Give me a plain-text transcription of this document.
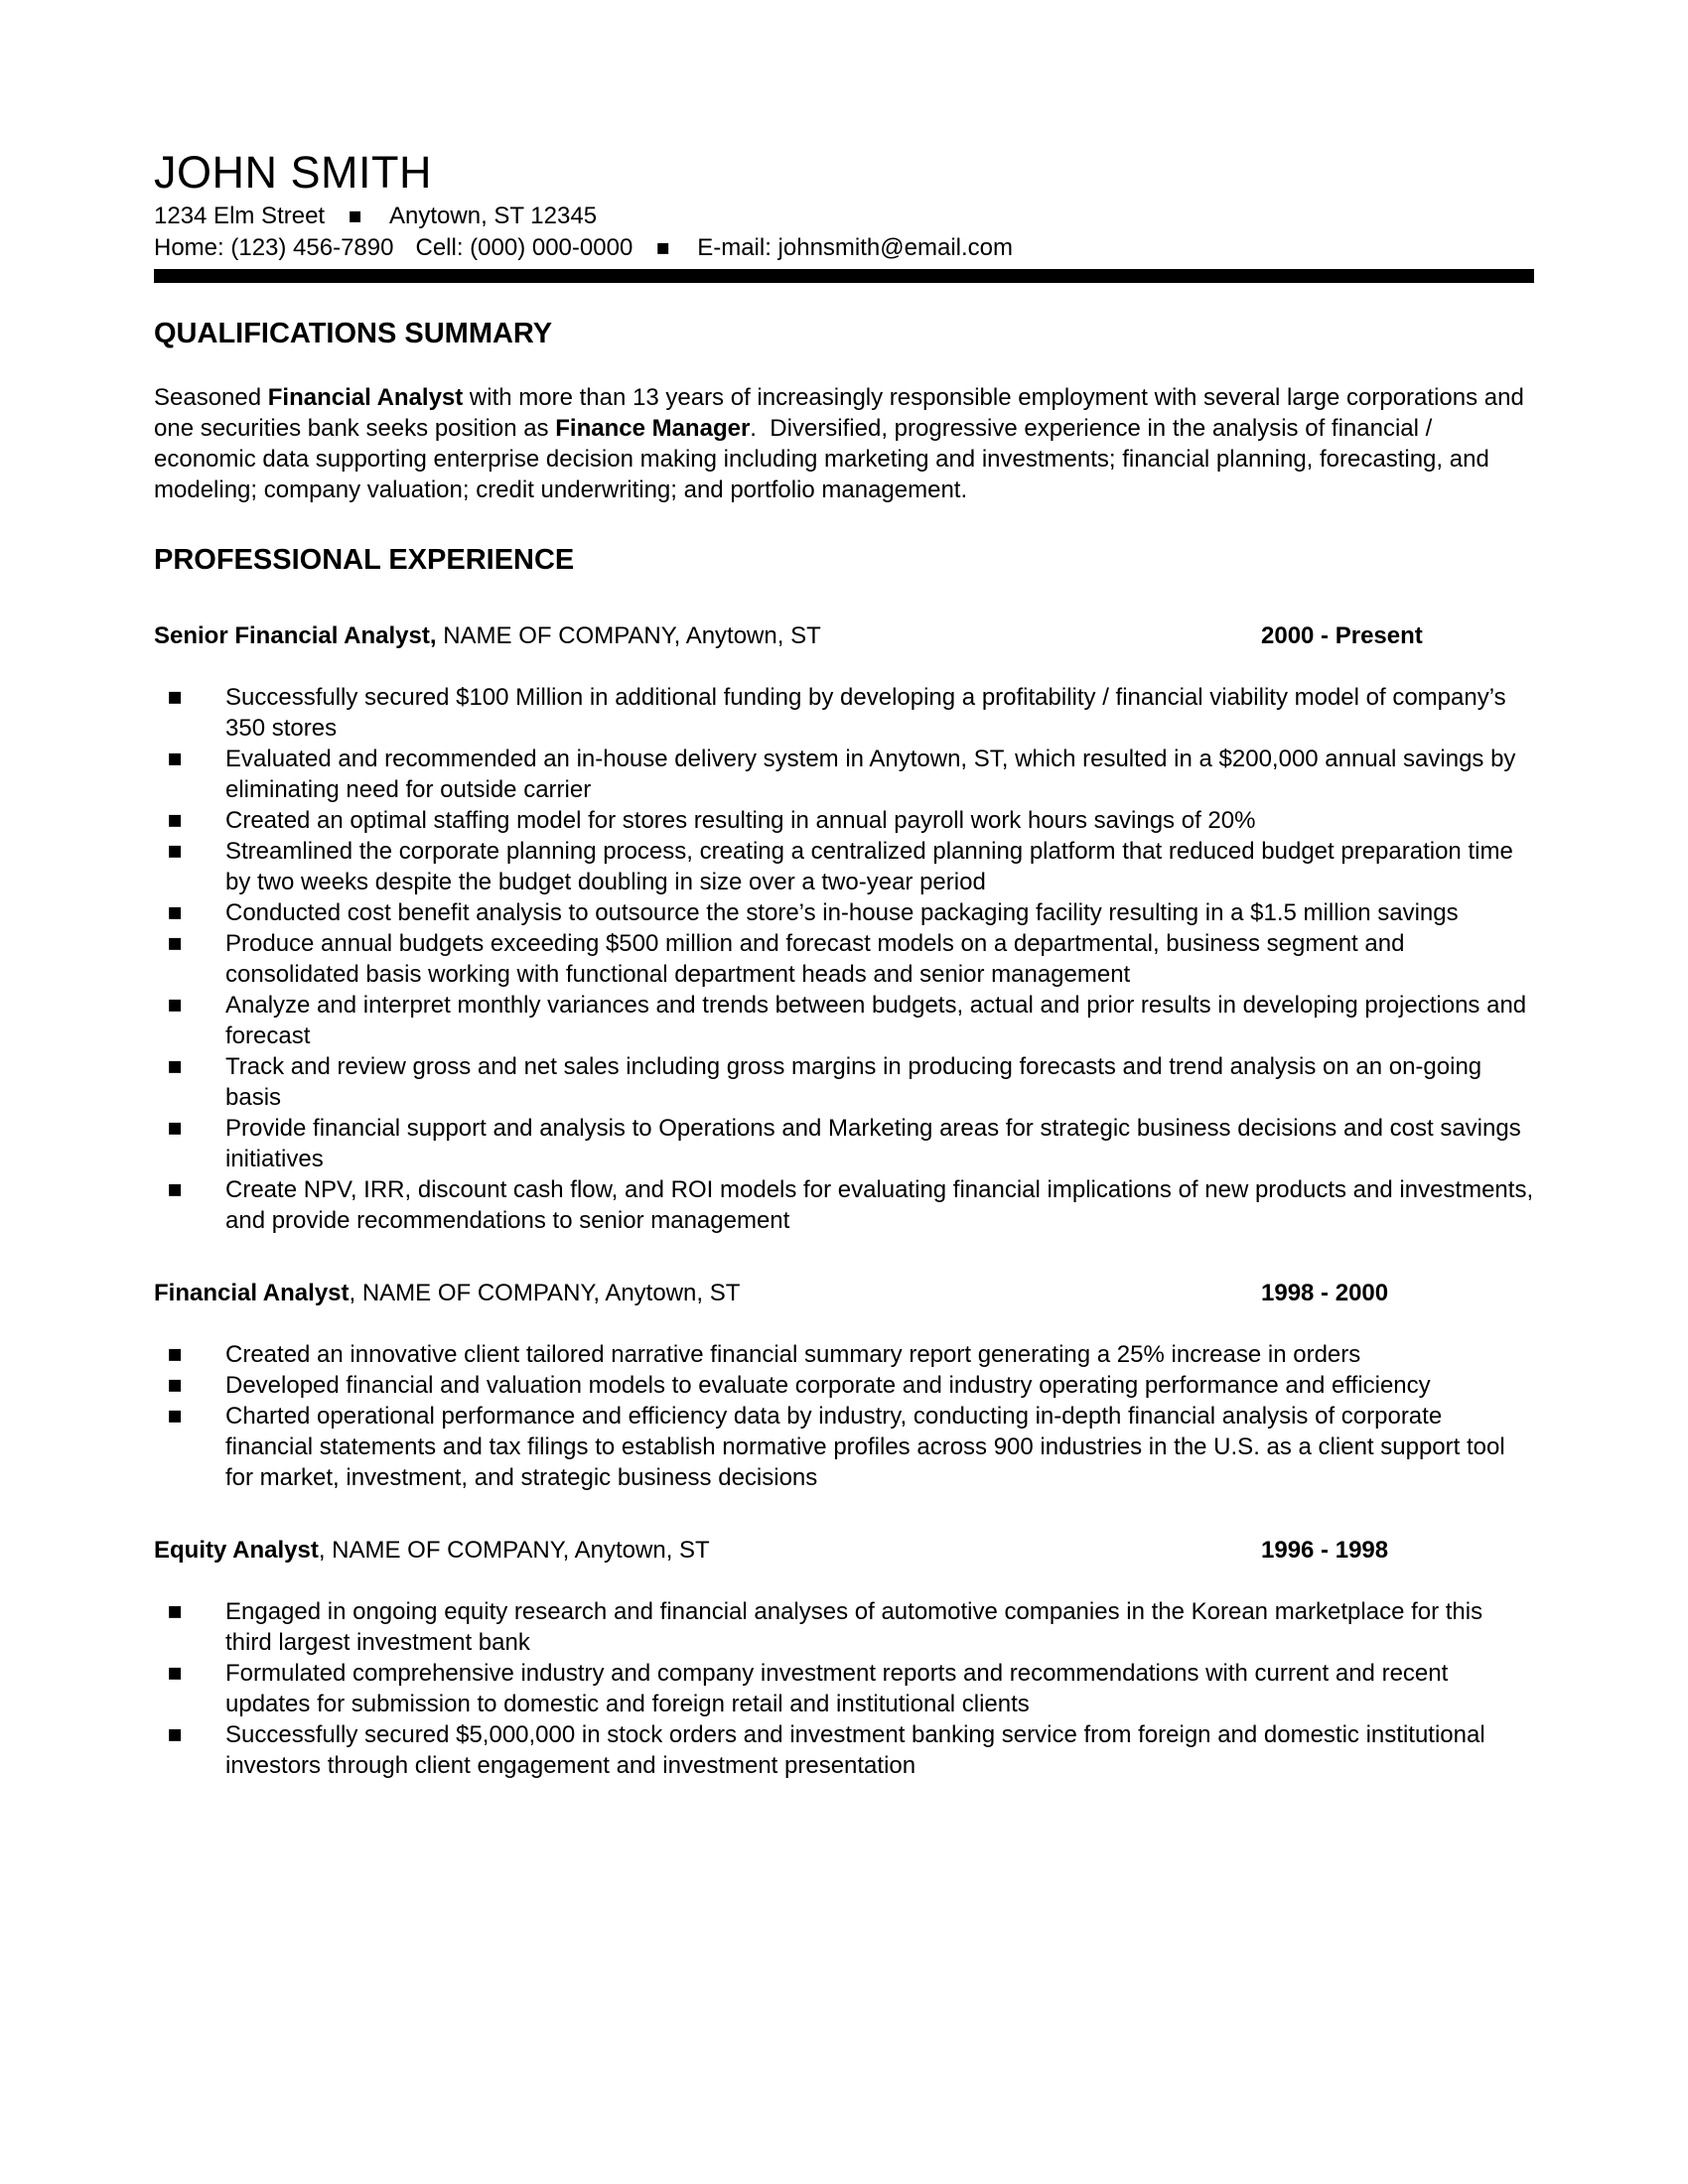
JOHN SMITH
1234 Elm Street ▪ Anytown, ST 12345
Home: (123) 456-7890 Cell: (000) 000-0000 ▪ E-mail: johnsmith@email.com
QUALIFICATIONS SUMMARY

Seasoned Financial Analyst with more than 13 years of increasingly responsible employment with several large corporations and one securities bank seeks position as Finance Manager.  Diversified, progressive experience in the analysis of financial / economic data supporting enterprise decision making including marketing and investments; financial planning, forecasting, and modeling; company valuation; credit underwriting; and portfolio management.

PROFESSIONAL EXPERIENCE
Senior Financial Analyst, NAME OF COMPANY, Anytown, ST	2000 - Present
▪ Successfully secured $100 Million in additional funding by developing a profitability / financial viability model of company’s 350 stores
▪ Evaluated and recommended an in-house delivery system in Anytown, ST, which resulted in a $200,000 annual savings by eliminating need for outside carrier
▪ Created an optimal staffing model for stores resulting in annual payroll work hours savings of 20%
▪ Streamlined the corporate planning process, creating a centralized planning platform that reduced budget preparation time by two weeks despite the budget doubling in size over a two-year period
▪ Conducted cost benefit analysis to outsource the store’s in-house packaging facility resulting in a $1.5 million savings
▪ Produce annual budgets exceeding $500 million and forecast models on a departmental, business segment and consolidated basis working with functional department heads and senior management
▪ Analyze and interpret monthly variances and trends between budgets, actual and prior results in developing projections and forecast
▪ Track and review gross and net sales including gross margins in producing forecasts and trend analysis on an on-going basis
▪ Provide financial support and analysis to Operations and Marketing areas for strategic business decisions and cost savings initiatives
▪ Create NPV, IRR, discount cash flow, and ROI models for evaluating financial implications of new products and investments, and provide recommendations to senior management
Financial Analyst, NAME OF COMPANY, Anytown, ST	1998 - 2000
▪ Created an innovative client tailored narrative financial summary report generating a 25% increase in orders
▪ Developed financial and valuation models to evaluate corporate and industry operating performance and efficiency
▪ Charted operational performance and efficiency data by industry, conducting in-depth financial analysis of corporate financial statements and tax filings to establish normative profiles across 900 industries in the U.S. as a client support tool for market, investment, and strategic business decisions
Equity Analyst, NAME OF COMPANY, Anytown, ST	1996 - 1998
▪ Engaged in ongoing equity research and financial analyses of automotive companies in the Korean marketplace for this third largest investment bank
▪ Formulated comprehensive industry and company investment reports and recommendations with current and recent updates for submission to domestic and foreign retail and institutional clients
▪ Successfully secured $5,000,000 in stock orders and investment banking service from foreign and domestic institutional investors through client engagement and investment presentation
